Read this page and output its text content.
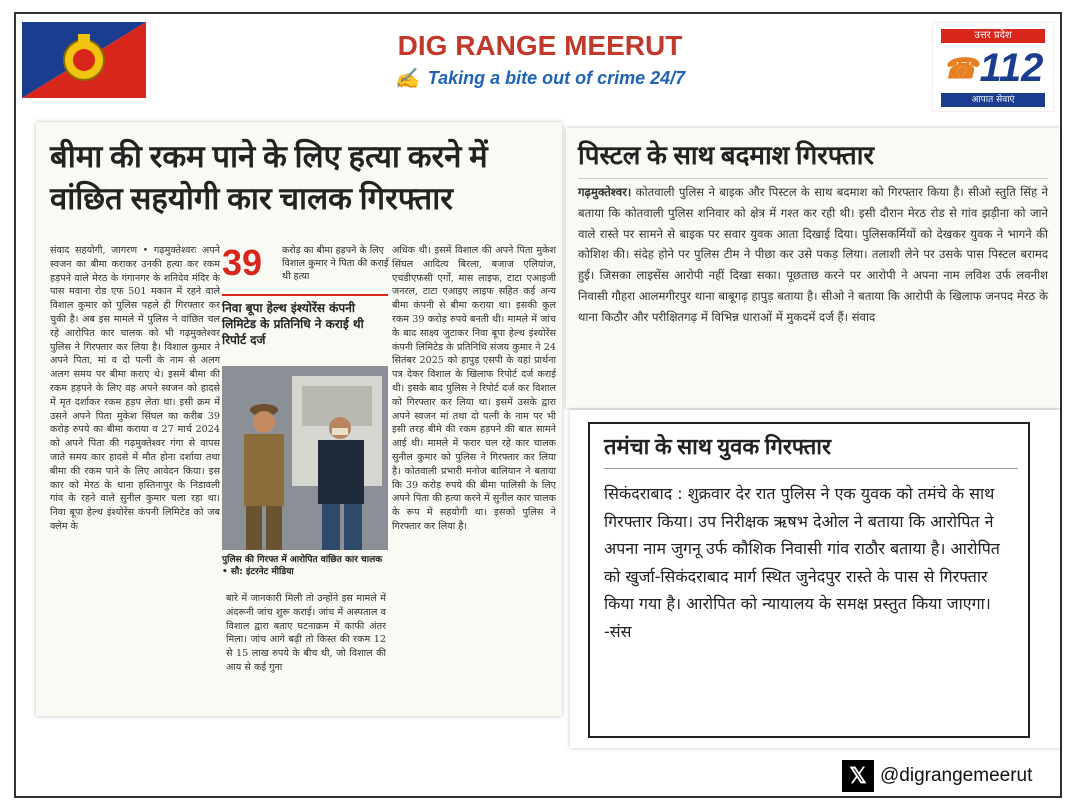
DIG RANGE MEERUT
✍ Taking a bite out of crime 24/7
उत्तर प्रदेश
☎ 112
आपात सेवाएं
बीमा की रकम पाने के लिए हत्या करने में वांछित सहयोगी कार चालक गिरफ्तार
संवाद सहयोगी, जागरण • गढ़मुक्तेश्वरः अपने स्वजन का बीमा कराकर उनकी हत्या कर रकम हड़पने वाले मेरठ के गंगानगर के शनिदेव मंदिर के पास मवाना रोड एफ 501 मकान में रहने वाले विशाल कुमार को पुलिस पहले ही गिरफ्तार कर चुकी है। अब इस मामले में पुलिस ने वांछित चल रहे आरोपित कार चालक को भी गढ़मुक्तेश्वर पुलिस ने गिरफ्तार कर लिया है। विशाल कुमार ने अपने पिता, मां व दो पत्नी के नाम से अलग अलग समय पर बीमा कराए थे। इसमें बीमा की रकम हड़पने के लिए वह अपने स्वजन को हादसे में मृत दर्शाकर रकम हड़प लेता था। इसी क्रम में उसने अपने पिता मुकेश सिंघल का करीब 39 करोड़ रुपये का बीमा कराया व 27 मार्च 2024 को अपने पिता की गढ़मुक्तेश्वर गंगा से वापस जाते समय कार हादसे में मौत होना दर्शाया तथा बीमा की रकम पाने के लिए आवेदन किया। इस कार को मेरठ के थाना हस्तिनापुर के निडावली गांव के रहने वाले सुनील कुमार चला रहा था। निवा बूपा हेल्थ इंश्योरेंस कंपनी लिमिटेड को जब क्लेम के
39 करोड़ का बीमा हड़पने के लिए विशाल कुमार ने पिता की कराई थी हत्या
निवा बूपा हेल्थ इंश्योरेंस कंपनी लिमिटेड के प्रतिनिधि ने कराई थी रिपोर्ट दर्ज
पुलिस की गिरफ्त में आरोपित वांछित कार चालक • सौ: इंटरनेट मीडिया
बारे में जानकारी मिली तो उन्होंने इस मामले में अंदरूनी जांच शुरू कराई। जांच में अस्पताल व विशाल द्वारा बताए घटनाक्रम में काफी अंतर मिला। जांच आगे बढ़ी तो किस्त की रकम 12 से 15 लाख रुपये के बीच थी, जो विशाल की आय से कई गुना
अधिक थी। इसमें विशाल की अपने पिता मुकेश सिंघल आदित्य बिरला, बजाज एलियांज, एचडीएफसी एर्गो, मास लाइफ, टाटा एआइजी जनरल, टाटा एआइए लाइफ सहित कई अन्य बीमा कंपनी से बीमा कराया था। इसकी कुल रकम 39 करोड़ रुपये बनती थी। मामले में जांच के बाद साक्ष्य जुटाकर निवा बूपा हेल्थ इंश्योरेंस कंपनी लिमिटेड के प्रतिनिधि संजय कुमार ने 24 सितंबर 2025 को हापुड़ एसपी के यहां प्रार्थना पत्र देकर विशाल के खिलाफ रिपोर्ट दर्ज कराई थी। इसके बाद पुलिस ने रिपोर्ट दर्ज कर विशाल को गिरफ्तार कर लिया था। इसमें उसके द्वारा अपने स्वजन मां तथा दो पत्नी के नाम पर भी इसी तरह बीमे की रकम हड़पने की बात सामने आई थी। मामले में फरार चल रहे कार चालक सुनील कुमार को पुलिस ने गिरफ्तार कर लिया है। कोतवाली प्रभारी मनोज बालियान ने बताया कि 39 करोड़ रुपये की बीमा पालिसी के लिए अपने पिता की हत्या करने में सुनील कार चालक के रूप में सहयोगी था। इसको पुलिस ने गिरफ्तार कर लिया है।
पिस्टल के साथ बदमाश गिरफ्तार
गढ़मुक्तेश्वर। कोतवाली पुलिस ने बाइक और पिस्टल के साथ बदमाश को गिरफ्तार किया है। सीओ स्तुति सिंह ने बताया कि कोतवाली पुलिस शनिवार को क्षेत्र में गश्त कर रही थी। इसी दौरान मेरठ रोड से गांव झड़ीना को जाने वाले रास्ते पर सामने से बाइक पर सवार युवक आता दिखाई दिया। पुलिसकर्मियों को देखकर युवक ने भागने की कोशिश की। संदेह होने पर पुलिस टीम ने पीछा कर उसे पकड़ लिया। तलाशी लेने पर उसके पास पिस्टल बरामद हुई। जिसका लाइसेंस आरोपी नहीं दिखा सका। पूछताछ करने पर आरोपी ने अपना नाम लविश उर्फ लवनीश निवासी गौहरा आलमगीरपुर थाना बाबूगढ़ हापुड़ बताया है। सीओ ने बताया कि आरोपी के खिलाफ जनपद मेरठ के थाना किठौर और परीक्षितगढ़ में विभिन्न धाराओं में मुकदमें दर्ज हैं। संवाद
तमंचा के साथ युवक गिरफ्तार
सिकंदराबाद : शुक्रवार देर रात पुलिस ने एक युवक को तमंचे के साथ गिरफ्तार किया। उप निरीक्षक ऋषभ देओल ने बताया कि आरोपित ने अपना नाम जुगनू उर्फ कौशिक निवासी गांव राठौर बताया है। आरोपित को खुर्जा-सिकंदराबाद मार्ग स्थित जुनेदपुर रास्ते के पास से गिरफ्तार किया गया है। आरोपित को न्यायालय के समक्ष प्रस्तुत किया जाएगा। -संस
𝕏 @digrangemeerut
